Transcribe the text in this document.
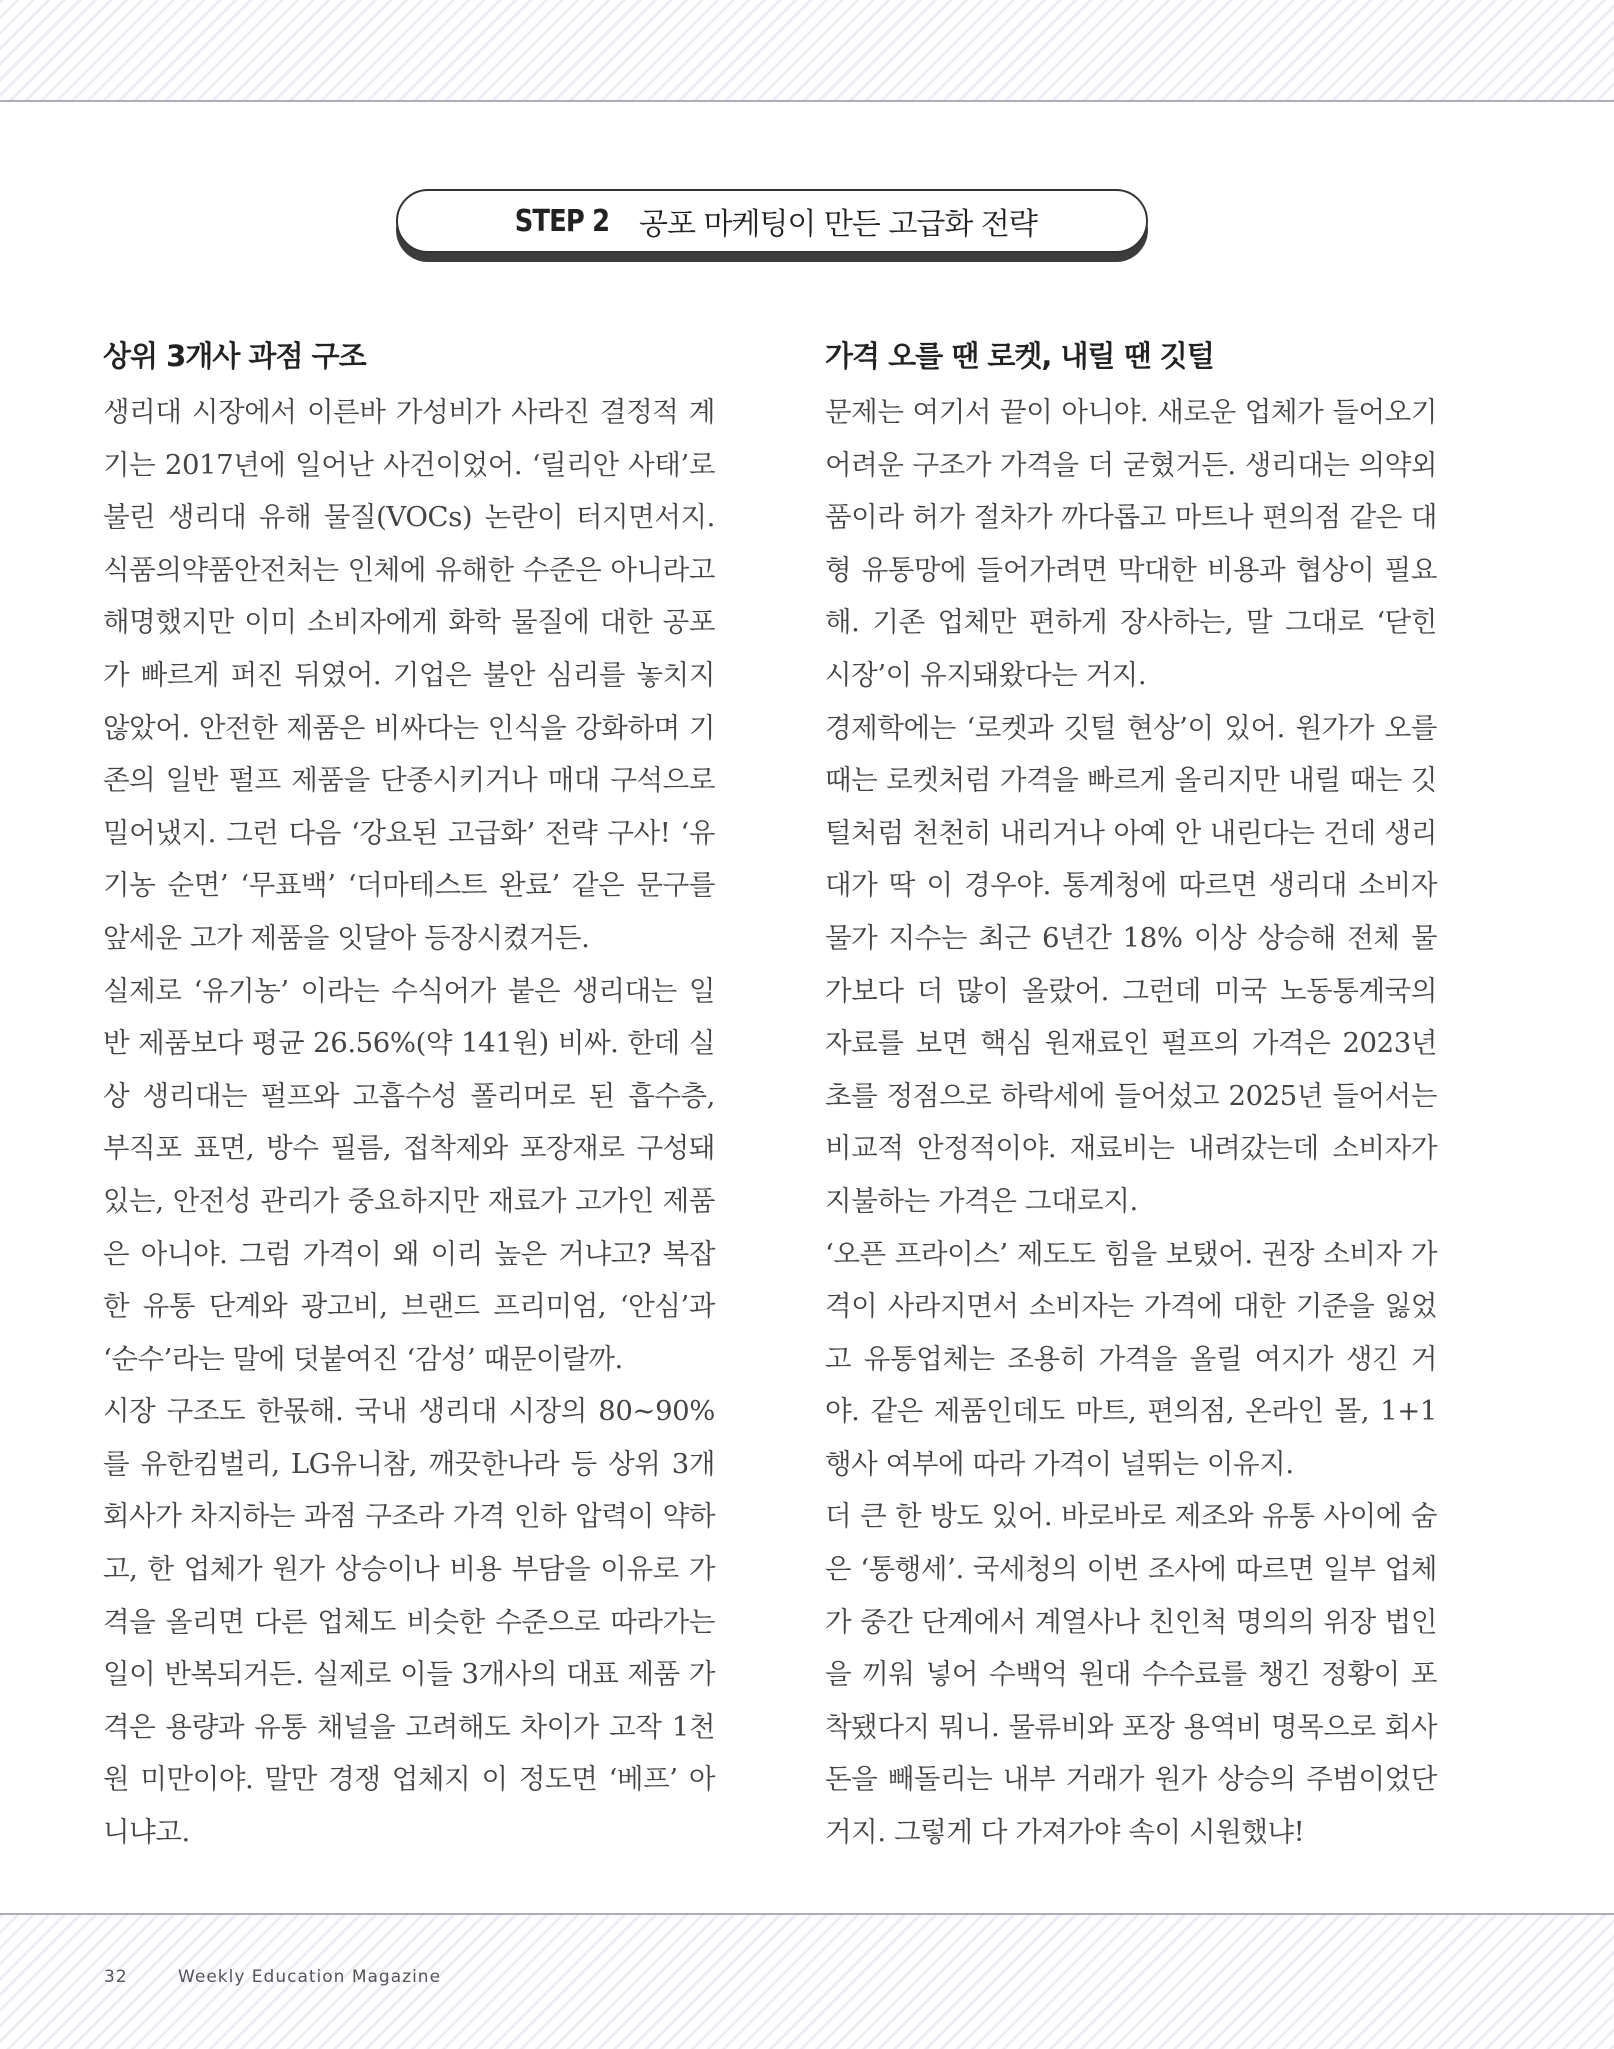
STEP 2 공포 마케팅이 만든 고급화 전략
상위 3개사 과점 구조

생리대 시장에서 이른바 가성비가 사라진 결정적 계기는 2017년에 일어난 사건이었어. ‘릴리안 사태’로 불린 생리대 유해 물질(VOCs) 논란이 터지면서지. 식품의약품안전처는 인체에 유해한 수준은 아니라고 해명했지만 이미 소비자에게 화학 물질에 대한 공포가 빠르게 퍼진 뒤였어. 기업은 불안 심리를 놓치지 않았어. 안전한 제품은 비싸다는 인식을 강화하며 기존의 일반 펄프 제품을 단종시키거나 매대 구석으로 밀어냈지. 그런 다음 ‘강요된 고급화’ 전략 구사! ‘유기농 순면’ ‘무표백’ ‘더마테스트 완료’ 같은 문구를 앞세운 고가 제품을 잇달아 등장시켰거든.

실제로 ‘유기농’ 이라는 수식어가 붙은 생리대는 일반 제품보다 평균 26.56%(약 141원) 비싸. 한데 실상 생리대는 펄프와 고흡수성 폴리머로 된 흡수층, 부직포 표면, 방수 필름, 접착제와 포장재로 구성돼 있는, 안전성 관리가 중요하지만 재료가 고가인 제품은 아니야. 그럼 가격이 왜 이리 높은 거냐고? 복잡한 유통 단계와 광고비, 브랜드 프리미엄, ‘안심’과 ‘순수’라는 말에 덧붙여진 ‘감성’ 때문이랄까.

시장 구조도 한몫해. 국내 생리대 시장의 80~90%를 유한킴벌리, LG유니참, 깨끗한나라 등 상위 3개 회사가 차지하는 과점 구조라 가격 인하 압력이 약하고, 한 업체가 원가 상승이나 비용 부담을 이유로 가격을 올리면 다른 업체도 비슷한 수준으로 따라가는 일이 반복되거든. 실제로 이들 3개사의 대표 제품 가격은 용량과 유통 채널을 고려해도 차이가 고작 1천 원 미만이야. 말만 경쟁 업체지 이 정도면 ‘베프’ 아니냐고.

가격 오를 땐 로켓, 내릴 땐 깃털

문제는 여기서 끝이 아니야. 새로운 업체가 들어오기 어려운 구조가 가격을 더 굳혔거든. 생리대는 의약외품이라 허가 절차가 까다롭고 마트나 편의점 같은 대형 유통망에 들어가려면 막대한 비용과 협상이 필요해. 기존 업체만 편하게 장사하는, 말 그대로 ‘닫힌 시장’이 유지돼왔다는 거지.

경제학에는 ‘로켓과 깃털 현상’이 있어. 원가가 오를 때는 로켓처럼 가격을 빠르게 올리지만 내릴 때는 깃털처럼 천천히 내리거나 아예 안 내린다는 건데 생리대가 딱 이 경우야. 통계청에 따르면 생리대 소비자 물가 지수는 최근 6년간 18% 이상 상승해 전체 물가보다 더 많이 올랐어. 그런데 미국 노동통계국의 자료를 보면 핵심 원재료인 펄프의 가격은 2023년 초를 정점으로 하락세에 들어섰고 2025년 들어서는 비교적 안정적이야. 재료비는 내려갔는데 소비자가 지불하는 가격은 그대로지.

‘오픈 프라이스’ 제도도 힘을 보탰어. 권장 소비자 가격이 사라지면서 소비자는 가격에 대한 기준을 잃었고 유통업체는 조용히 가격을 올릴 여지가 생긴 거야. 같은 제품인데도 마트, 편의점, 온라인 몰, 1+1 행사 여부에 따라 가격이 널뛰는 이유지.

더 큰 한 방도 있어. 바로바로 제조와 유통 사이에 숨은 ‘통행세’. 국세청의 이번 조사에 따르면 일부 업체가 중간 단계에서 계열사나 친인척 명의의 위장 법인을 끼워 넣어 수백억 원대 수수료를 챙긴 정황이 포착됐다지 뭐니. 물류비와 포장 용역비 명목으로 회사 돈을 빼돌리는 내부 거래가 원가 상승의 주범이었단 거지. 그렇게 다 가져가야 속이 시원했냐!

32	Weekly Education Magazine
